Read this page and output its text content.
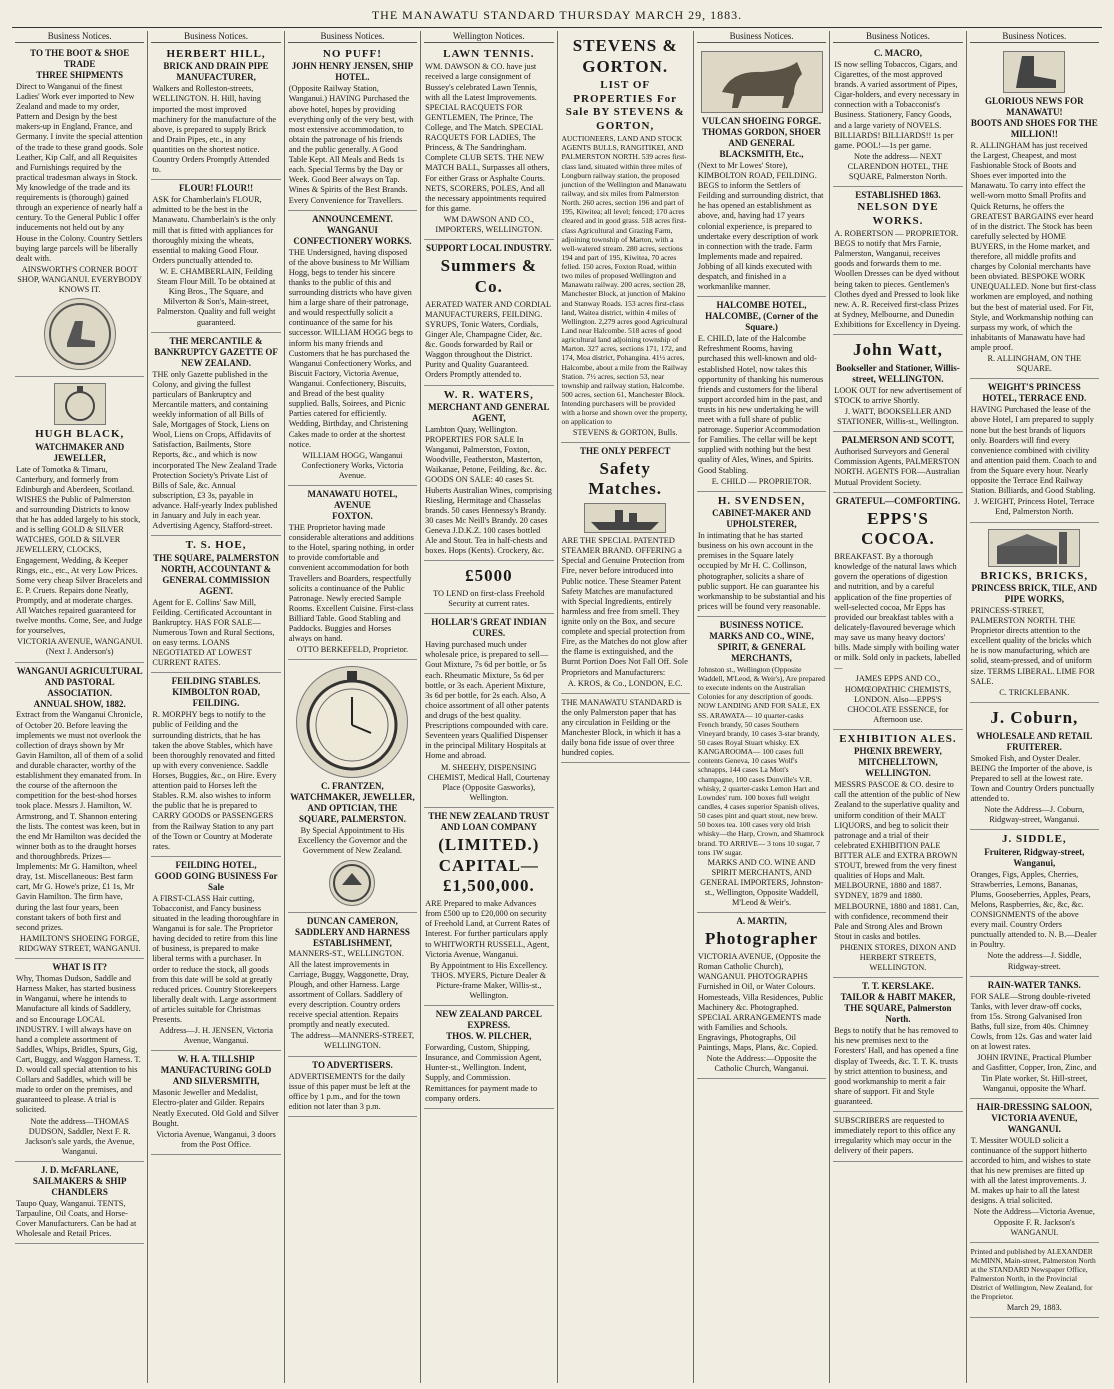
THE MANAWATU STANDARD THURSDAY MARCH 29, 1883.
Business Notices.
TO THE BOOT & SHOE TRADE
THREE SHIPMENTS

Direct to Wanganui of the finest Ladies' Work ever imported to New Zealand and made to my order, Pattern and Design by the best makers-up in England, France, and Germany. I invite the special attention of the trade to these grand goods. Sole Leather, Kip Calf, and all Requisites and Furnishings required by the practical tradesman always in Stock. My knowledge of the trade and its requirements is (thorough) gained through an experience of nearly half a century. To the General Public I offer inducements not held out by any House in the Colony. Country Settlers buying large parcels will be liberally dealt with.

AINSWORTH'S CORNER BOOT SHOP, WANGANUI. EVERYBODY KNOWS IT.

HUGH BLACK,
WATCHMAKER AND JEWELLER,

Late of Tomotka & Timaru, Canterbury, and formerly from Edinburgh and Aberdeen, Scotland. WISHES the Public of Palmerston and surrounding Districts to know that he has added largely to his stock, and is selling GOLD & SILVER WATCHES, GOLD & SILVER JEWELLERY, CLOCKS, Engagement, Wedding, & Keeper Rings, etc., etc., At very Low Prices. Some very cheap Silver Bracelets and E. P. Cruets. Repairs done Neatly, Promptly, and at moderate charges. All Watches repaired guaranteed for twelve months. Come, See, and Judge for yourselves,

VICTORIA AVENUE, WANGANUI. (Next J. Anderson's)

WANGANUI AGRICULTURAL AND PASTORAL ASSOCIATION.
ANNUAL SHOW, 1882.

Extract from the Wanganui Chronicle, of October 20. Before leaving the implements we must not overlook the collection of drays shown by Mr Gavin Hamilton, all of them of a solid and durable character, worthy of the establishment they emanated from. In the course of the afternoon the competition for the best-shod horses took place. Messrs J. Hamilton, W. Armstrong, and T. Shannon entering the lists. The contest was keen, but in the end Mr Hamilton was decided the winner both as to the draught horses and thoroughbreds. Prizes—Implements: Mr G. Hamilton, wheel dray, 1st. Miscellaneous: Best farm cart, Mr G. Howe's prize, £1 1s, Mr Gavin Hamilton. The firm have, during the last four years, been constant takers of both first and second prizes.

HAMILTON'S SHOEING FORGE, RIDGWAY STREET, WANGANUI.

WHAT IS IT?

Why, Thomas Dudson, Saddle and Harness Maker, has started business in Wanganui, where he intends to Manufacture all kinds of Saddlery, and so Encourage LOCAL INDUSTRY. I will always have on hand a complete assortment of Saddles, Whips, Bridles, Spurs, Gig, Cart, Buggy, and Waggon Harness. T. D. would call special attention to his Collars and Saddles, which will be made to order on the premises, and guaranteed to please. A trial is solicited.

Note the address—THOMAS DUDSON, Saddler, Next F. R. Jackson's sale yards, the Avenue, Wanganui.

J. D. McFARLANE,
SAILMAKERS & SHIP CHANDLERS

Taupo Quay, Wanganui. TENTS, Tarpauline, Oil Coats, and Horse-Cover Manufacturers. Can be had at Wholesale and Retail Prices.

Business Notices.
HERBERT HILL,
BRICK AND DRAIN PIPE MANUFACTURER,

Walkers and Rolleston-streets, WELLINGTON. H. Hill, having imported the most improved machinery for the manufacture of the above, is prepared to supply Brick and Drain Pipes, etc., in any quantities on the shortest notice. Country Orders Promptly Attended to.

FLOUR! FLOUR!!

ASK for Chamberlain's FLOUR, admitted to be the best in the Manawatu. Chamberlain's is the only mill that is fitted with appliances for thoroughly mixing the wheats, essential to making Good Flour. Orders punctually attended to.

W. E. CHAMBERLAIN, Feilding Steam Flour Mill. To be obtained at King Bros., The Square, and Milverton & Son's, Main-street, Palmerston. Quality and full weight guaranteed.

THE MERCANTILE & BANKRUPTCY GAZETTE OF NEW ZEALAND.

THE only Gazette published in the Colony, and giving the fullest particulars of Bankruptcy and Mercantile matters, and containing weekly information of all Bills of Sale, Mortgages of Stock, Liens on Wool, Liens on Crops, Affidavits of Satisfaction, Bailments, Store Reports, &c., and which is now incorporated The New Zealand Trade Protection Society's Private List of Bills of Sale, &c. Annual subscription, £3 3s, payable in advance. Half-yearly Index published in January and July in each year. Advertising Agency, Stafford-street.

T. S. HOE,
THE SQUARE, PALMERSTON NORTH, ACCOUNTANT & GENERAL COMMISSION AGENT.

Agent for E. Collins' Saw Mill, Feilding. Certificated Accountant in Bankruptcy. HAS FOR SALE—Numerous Town and Rural Sections, on easy terms. LOANS NEGOTIATED AT LOWEST CURRENT RATES.

FEILDING STABLES.
KIMBOLTON ROAD, FEILDING.

R. MORPHY begs to notify to the public of Feilding and the surrounding districts, that he has taken the above Stables, which have been thoroughly renovated and fitted up with every convenience. Saddle Horses, Buggies, &c., on Hire. Every attention paid to Horses left the Stables. R.M. also wishes to inform the public that he is prepared to CARRY GOODS or PASSENGERS from the Railway Station to any part of the Town or Country at Moderate rates.

FEILDING HOTEL,
GOOD GOING BUSINESS For Sale

A FIRST-CLASS Hair cutting, Tobacconist, and Fancy business situated in the leading thoroughfare in Wanganui is for sale. The Proprietor having decided to retire from this line of business, is prepared to make liberal terms with a purchaser. In order to reduce the stock, all goods from this date will be sold at greatly reduced prices. Country Storekeepers liberally dealt with. Large assortment of articles suitable for Christmas Presents.

Address—J. H. JENSEN, Victoria Avenue, Wanganui.

W. H. A. TILLSHIP
MANUFACTURING GOLD AND SILVERSMITH,

Masonic Jeweller and Medalist, Electro-plater and Gilder. Repairs Neatly Executed. Old Gold and Silver Bought.

Victoria Avenue, Wanganui, 3 doors from the Post Office.

Business Notices.
NO PUFF!
JOHN HENRY JENSEN, SHIP HOTEL.

(Opposite Railway Station, Wanganui.) HAVING Purchased the above hotel, hopes by providing everything only of the very best, with most extensive accommodation, to obtain the patronage of his friends and the public generally. A Good Table Kept. All Meals and Beds 1s each. Special Terms by the Day or Week. Good Beer always on Tap. Wines & Spirits of the Best Brands. Every Convenience for Travellers.

ANNOUNCEMENT.
WANGANUI CONFECTIONERY WORKS.

THE Undersigned, having disposed of the above business to Mr William Hogg, begs to tender his sincere thanks to the public of this and surrounding districts who have given him a large share of their patronage, and would respectfully solicit a continuance of the same for his successor. WILLIAM HOGG begs to inform his many friends and Customers that he has purchased the Wanganui Confectionery Works, and Biscuit Factory, Victoria Avenue, Wanganui. Confectionery, Biscuits, and Bread of the best quality supplied. Balls, Soirees, and Picnic Parties catered for efficiently. Wedding, Birthday, and Christening Cakes made to order at the shortest notice.

WILLIAM HOGG, Wanganui Confectionery Works, Victoria Avenue.

MANAWATU HOTEL, AVENUE
FOXTON.

THE Proprietor having made considerable alterations and additions to the Hotel, sparing nothing, in order to provide comfortable and convenient accommodation for both Travellers and Boarders, respectfully solicits a continuance of the Public Patronage. Newly erected Sample Rooms. Excellent Cuisine. First-class Billiard Table. Good Stabling and Paddocks. Buggies and Horses always on hand.

OTTO BERKEFELD, Proprietor.

C. FRANTZEN,
WATCHMAKER, JEWELLER, AND OPTICIAN, THE SQUARE, PALMERSTON.

By Special Appointment to His Excellency the Governor and the Government of New Zealand.

DUNCAN CAMERON,
SADDLERY AND HARNESS ESTABLISHMENT,

MANNERS-ST., WELLINGTON. All the latest improvements in Carriage, Buggy, Waggonette, Dray, Plough, and other Harness. Large assortment of Collars. Saddlery of every description. Country orders receive special attention. Repairs promptly and neatly executed.

The address—MANNERS-STREET, WELLINGTON.

TO ADVERTISERS.

ADVERTISEMENTS for the daily issue of this paper must be left at the office by 1 p.m., and for the town edition not later than 3 p.m.

Wellington Notices.
LAWN TENNIS.

WM. DAWSON & CO. have just received a large consignment of Bussey's celebrated Lawn Tennis, with all the Latest Improvements. SPECIAL RACQUETS FOR GENTLEMEN, The Prince, The College, and The Match. SPECIAL RACQUETS FOR LADIES, The Princess, & The Sandringham. Complete CLUB SETS. THE NEW MATCH BALL, Surpasses all others, For either Grass or Asphalte Courts. NETS, SCORERS, POLES, And all the necessary appointments required for this game.

WM DAWSON AND CO., IMPORTERS, WELLINGTON.

SUPPORT LOCAL INDUSTRY.
Summers & Co.

AERATED WATER AND CORDIAL MANUFACTURERS, FEILDING. SYRUPS, Tonic Waters, Cordials, Ginger Ale, Champagne Cider, &c. &c. Goods forwarded by Rail or Waggon throughout the District. Purity and Quality Guaranteed. Orders Promptly attended to.

W. R. WATERS,
MERCHANT AND GENERAL AGENT,

Lambton Quay, Wellington. PROPERTIES FOR SALE In Wanganui, Palmerston, Foxton, Woodville, Featherston, Masterton, Waikanae, Petone, Feilding, &c. &c. GOODS ON SALE: 40 cases St. Huberts Australian Wines, comprising Riesling, Hermitage and Chasselas brands. 50 cases Hennessy's Brandy. 30 cases Mc Neill's Brandy. 20 cases Geneva J.D.K.Z. 100 cases bottled Ale and Stout. Tea in half-chests and boxes. Hops (Kents). Crockery, &c.

£5000

TO LEND on first-class Freehold Security at current rates.

HOLLAR'S GREAT INDIAN CURES.

Having purchased much under wholesale price, is prepared to sell— Gout Mixture, 7s 6d per bottle, or 5s each. Rheumatic Mixture, 5s 6d per bottle, or 3s each. Aperient Mixture, 3s 6d per bottle, for 2s each. Also, A choice assortment of all other patents and drugs of the best quality. Prescriptions compounded with care. Seventeen years Qualified Dispenser in the principal Military Hospitals at Home and abroad.

M. SHEEHY, DISPENSING CHEMIST, Medical Hall, Courtenay Place (Opposite Gasworks), Wellington.

THE NEW ZEALAND TRUST AND LOAN COMPANY
(LIMITED.) CAPITAL—£1,500,000.

ARE Prepared to make Advances from £500 up to £20,000 on security of Freehold Land, at Current Rates of Interest. For further particulars apply to WHITWORTH RUSSELL, Agent, Victoria Avenue, Wanganui.

By Appointment to His Excellency. THOS. MYERS, Picture Dealer & Picture-frame Maker, Willis-st., Wellington.

NEW ZEALAND PARCEL EXPRESS.
THOS. W. PILCHER,

Forwarding, Custom, Shipping, Insurance, and Commission Agent, Hunter-st., Wellington. Indent, Supply, and Commission. Remittances for payment made to company orders.

STEVENS & GORTON.
LIST OF PROPERTIES For Sale BY STEVENS & GORTON,

AUCTIONEERS, LAND AND STOCK AGENTS BULLS, RANGITIKEI, AND PALMERSTON NORTH. 539 acres first-class land, situated within three miles of Longburn railway station, the proposed junction of the Wellington and Manawatu railway, and six miles from Palmerston North. 260 acres, section 196 and part of 195, Kiwitea; all level; fenced; 170 acres cleared and in good grass. 518 acres first-class Agricultural and Grazing Farm, adjoining township of Marton, with a well-watered stream. 280 acres, sections 194 and part of 195, Kiwitea, 70 acres felled. 150 acres, Foxton Road, within two miles of proposed Wellington and Manawatu railway. 200 acres, section 28, Manchester Block, at junction of Makino and Stanway Roads. 153 acres first-class land, Waitea district, within 4 miles of Wellington. 2,279 acres good Agricultural Land near Halcombe. 518 acres of good agricultural land adjoining township of Marton. 327 acres, sections 171, 172, and 174, Moa district, Pohangina. 41½ acres, Halcombe, about a mile from the Railway Station. 7½ acres, section 53, near township and railway station, Halcombe. 500 acres, section 61, Manchester Block. Intending purchasers will be provided with a horse and shown over the property, on application to

STEVENS & GORTON, Bulls.

THE ONLY PERFECT
Safety Matches.

ARE THE SPECIAL PATENTED STEAMER BRAND. OFFERING a Special and Genuine Protection from Fire, never before introduced into Public notice. These Steamer Patent Safety Matches are manufactured with Special Ingredients, entirely harmless and free from smell. They ignite only on the Box, and secure complete and special protection from Fire, as the Matches do not glow after the flame is extinguished, and the Burnt Portion Does Not Fall Off. Sole Proprietors and Manufacturers:

A. KROS, & Co., LONDON, E.C.

THE MANAWATU STANDARD is the only Palmerston paper that has any circulation in Feilding or the Manchester Block, in which it has a daily bona fide issue of over three hundred copies.

Business Notices.
VULCAN SHOEING FORGE.
THOMAS GORDON, SHOER AND GENERAL BLACKSMITH, Etc.,

(Next to Mr Lowes' Store), KIMBOLTON ROAD, FEILDING. BEGS to inform the Settlers of Feilding and surrounding district, that he has opened an establishment as above, and, having had 17 years colonial experience, is prepared to undertake every description of work in connection with the trade. Farm Implements made and repaired. Jobbing of all kinds executed with despatch, and finished in a workmanlike manner.

HALCOMBE HOTEL,
HALCOMBE, (Corner of the Square.)

E. CHILD, late of the Halcombe Refreshment Rooms, having purchased this well-known and old-established Hotel, now takes this opportunity of thanking his numerous friends and customers for the liberal support accorded him in the past, and trusts in his new undertaking he will meet with a full share of public patronage. Superior Accommodation for Families. The cellar will be kept supplied with nothing but the best quality of Ales, Wines, and Spirits. Good Stabling.

E. CHILD — PROPRIETOR.

H. SVENDSEN,
CABINET-MAKER AND UPHOLSTERER,

In intimating that he has started business on his own account in the premises in the Square lately occupied by Mr H. C. Collinson, photographer, solicits a share of public support. He can guarantee his workmanship to be substantial and his prices will be found very reasonable.

BUSINESS NOTICE.
MARKS AND CO., WINE, SPIRIT, & GENERAL MERCHANTS,

Johnston st., Wellington (Opposite Waddell, M'Leod, & Weir's), Are prepared to execute indents on the Australian Colonies for any description of goods. NOW LANDING AND FOR SALE, EX SS. ARAWATA— 10 quarter-casks French brandy, 50 cases Southern Vineyard brandy, 10 cases 3-star brandy, 50 cases Royal Stuart whisky. EX KANGAROOMA— 100 cases full contents Geneva, 10 cases Wolf's schnapps, 144 cases La Mott's champagne, 100 cases Dunville's V.R. whisky, 2 quarter-casks Lemon Hart and Lowndes' rum. 100 boxes full weight candles, 4 cases superior Spanish olives, 50 cases pint and quart stout, new brew. 50 boxes tea. 100 cases very old Irish whisky—the Harp, Crown, and Shamrock brand. TO ARRIVE— 3 tons 10 sugar, 7 tons 1W sugar.

MARKS AND CO. WINE AND SPIRIT MERCHANTS, AND GENERAL IMPORTERS, Johnston-st., Wellington, Opposite Waddell, M'Leod & Weir's.

A. MARTIN,
Photographer

VICTORIA AVENUE, (Opposite the Roman Catholic Church), WANGANUI. PHOTOGRAPHS Furnished in Oil, or Water Colours. Homesteads, Villa Residences, Public Machinery &c. Photographed. SPECIAL ARRANGEMENTS made with Families and Schools. Engravings, Photographs, Oil Paintings, Maps, Plans, &c. Copied.

Note the Address:—Opposite the Catholic Church, Wanganui.

Business Notices.
C. MACRO,

IS now selling Tobaccos, Cigars, and Cigarettes, of the most approved brands. A varied assortment of Pipes, Cigar-holders, and every necessary in connection with a Tobacconist's Business. Stationery, Fancy Goods, and a large variety of NOVELS. BILLIARDS! BILLIARDS!! 1s per game. POOL!—1s per game.

Note the address— NEXT CLARENDON HOTEL, THE SQUARE, Palmerston North.

ESTABLISHED 1863.
NELSON DYE WORKS.

A. ROBERTSON — PROPRIETOR. BEGS to notify that Mrs Farnie, Palmerston, Wanganui, receives goods and forwards them to me. Woollen Dresses can be dyed without being taken to pieces. Gentlemen's Clothes dyed and Pressed to look like new. A. R. Received first-class Prizes at Sydney, Melbourne, and Dunedin Exhibitions for Excellency in Dyeing.

John Watt,
Bookseller and Stationer, Willis-street, WELLINGTON.

LOOK OUT for new advertisement of STOCK to arrive Shortly.

J. WATT, BOOKSELLER AND STATIONER, Willis-st., Wellington.

PALMERSON AND SCOTT,

Authorised Surveyors and General Commission Agents, PALMERSTON NORTH. AGENTS FOR—Australian Mutual Provident Society.

GRATEFUL—COMFORTING.
EPPS'S COCOA.

BREAKFAST. By a thorough knowledge of the natural laws which govern the operations of digestion and nutrition, and by a careful application of the fine properties of well-selected cocoa, Mr Epps has provided our breakfast tables with a delicately-flavoured beverage which may save us many heavy doctors' bills. Made simply with boiling water or milk. Sold only in packets, labelled—

JAMES EPPS AND CO., HOMŒOPATHIC CHEMISTS, LONDON. Also—EPPS'S CHOCOLATE ESSENCE, for Afternoon use.

EXHIBITION ALES.
PHŒNIX BREWERY, MITCHELLTOWN, WELLINGTON.

MESSRS PASCOE & CO. desire to call the attention of the public of New Zealand to the superlative quality and uniform condition of their MALT LIQUORS, and beg to solicit their patronage and a trial of their celebrated EXHIBITION PALE BITTER ALE and EXTRA BROWN STOUT, brewed from the very finest qualities of Hops and Malt. MELBOURNE, 1880 and 1887. SYDNEY, 1879 and 1880. MELBOURNE, 1880 and 1881. Can, with confidence, recommend their Pale and Strong Ales and Brown Stout in casks and bottles.

PHŒNIX STORES, DIXON AND HERBERT STREETS, WELLINGTON.

T. T. KERSLAKE.
TAILOR & HABIT MAKER, THE SQUARE, Palmerston North.

Begs to notify that he has removed to his new premises next to the Foresters' Hall, and has opened a fine display of Tweeds, &c. T. T. K. trusts by strict attention to business, and good workmanship to merit a fair share of support. Fit and Style guaranteed.

SUBSCRIBERS are requested to immediately report to this office any irregularity which may occur in the delivery of their papers.

Business Notices.
GLORIOUS NEWS FOR MANAWATU!
BOOTS AND SHOES FOR THE MILLION!!

R. ALLINGHAM has just received the Largest, Cheapest, and most Fashionable Stock of Boots and Shoes ever imported into the Manawatu. To carry into effect the well-worn motto Small Profits and Quick Returns, he offers the GREATEST BARGAINS ever heard of in the district. The Stock has been carefully selected by HOME BUYERS, in the Home market, and therefore, all middle profits and charges by Colonial merchants have been obviated. BESPOKE WORK UNEQUALLED. None but first-class workmen are employed, and nothing but the best of material used. For Fit, Style, and Workmanship nothing can surpass my work, of which the inhabitants of Manawatu have had ample proof.

R. ALLINGHAM, ON THE SQUARE.

WEIGHT'S PRINCESS HOTEL, TERRACE END.

HAVING Purchased the lease of the above Hotel, I am prepared to supply none but the best brands of liquors only. Boarders will find every convenience combined with civility and attention paid them. Coach to and from the Square every hour. Nearly opposite the Terrace End Railway Station. Billiards, and Good Stabling.

J. WEIGHT, Princess Hotel, Terrace End, Palmerston North.

BRICKS, BRICKS,
PRINCESS BRICK, TILE, AND PIPE WORKS,

PRINCESS-STREET, PALMERSTON NORTH. THE Proprietor directs attention to the excellent quality of the bricks which he is now manufacturing, which are solid, steam-pressed, and of uniform size. TERMS LIBERAL. LIME FOR SALE.

C. TRICKLEBANK.

J. Coburn,
WHOLESALE AND RETAIL FRUITERER.

Smoked Fish, and Oyster Dealer. BEING the Importer of the above, is Prepared to sell at the lowest rate. Town and Country Orders punctually attended to.

Note the Address—J. Coburn, Ridgway-street, Wanganui.

J. SIDDLE,
Fruiterer, Ridgway-street, Wanganui,

Oranges, Figs, Apples, Cherries, Strawberries, Lemons, Bananas, Plums, Gooseberries, Apples, Pears, Melons, Raspberries, &c, &c, &c. CONSIGNMENTS of the above every mail. Country Orders punctually attended to. N. B.—Dealer in Poultry.

Note the address—J. Siddle, Ridgway-street.

RAIN-WATER TANKS.

FOR SALE—Strong double-riveted Tanks, with lever draw-off cocks, from 15s. Strong Galvanised Iron Baths, full size, from 40s. Chimney Cowls, from 12s. Gas and water laid on at lowest rates.

JOHN IRVINE, Practical Plumber and Gasfitter, Copper, Iron, Zinc, and Tin Plate worker, St. Hill-street, Wanganui, opposite the Wharf.

HAIR-DRESSING SALOON,
VICTORIA AVENUE, WANGANUI.

T. Messiter WOULD solicit a continuance of the support hitherto accorded to him, and wishes to state that his new premises are fitted up with all the latest improvements. J. M. makes up hair to all the latest designs. A trial solicited.

Note the Address—Victoria Avenue, Opposite F. R. Jackson's WANGANUI.

Printed and published by ALEXANDER McMINN, Main-street, Palmerston North at the STANDARD Newspaper Office, Palmerston North, in the Provincial District of Wellington, New Zealand, for the Proprietor.

March 29, 1883.
